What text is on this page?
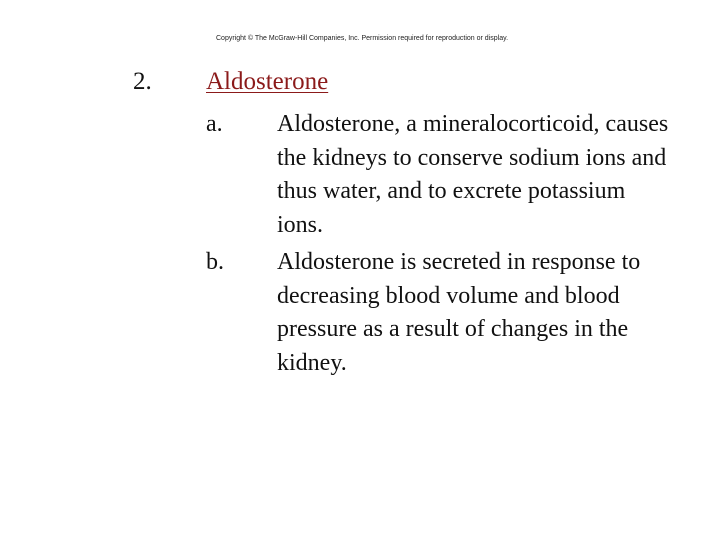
Copyright © The McGraw-Hill Companies, Inc. Permission required for reproduction or display.
2. Aldosterone
a. Aldosterone, a mineralocorticoid, causes the kidneys to conserve sodium ions and thus water, and to excrete potassium ions.
b. Aldosterone is secreted in response to decreasing blood volume and blood pressure as a result of changes in the kidney.
